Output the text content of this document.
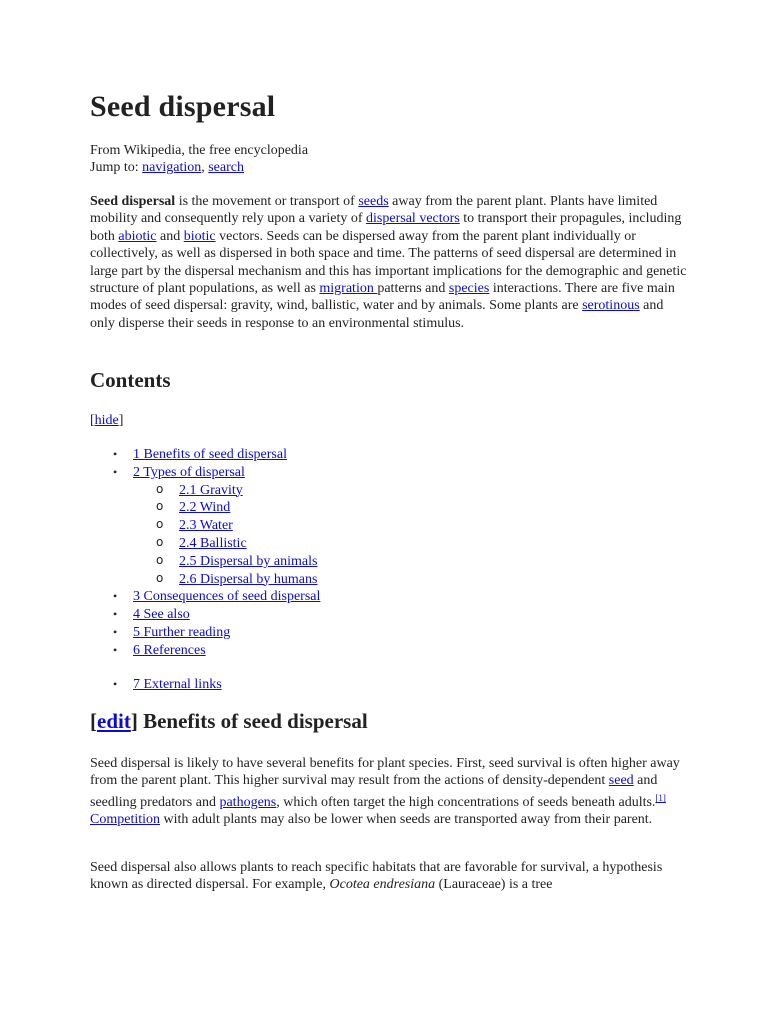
Seed dispersal
From Wikipedia, the free encyclopedia
Jump to: navigation, search

Seed dispersal is the movement or transport of seeds away from the parent plant. Plants have limited mobility and consequently rely upon a variety of dispersal vectors to transport their propagules, including both abiotic and biotic vectors. Seeds can be dispersed away from the parent plant individually or collectively, as well as dispersed in both space and time. The patterns of seed dispersal are determined in large part by the dispersal mechanism and this has important implications for the demographic and genetic structure of plant populations, as well as migration patterns and species interactions. There are five main modes of seed dispersal: gravity, wind, ballistic, water and by animals. Some plants are serotinous and only disperse their seeds in response to an environmental stimulus.

Contents
[hide]
• 1 Benefits of seed dispersal
• 2 Types of dispersal
o 2.1 Gravity
o 2.2 Wind
o 2.3 Water
o 2.4 Ballistic
o 2.5 Dispersal by animals
o 2.6 Dispersal by humans
• 3 Consequences of seed dispersal
• 4 See also
• 5 Further reading
• 6 References
• 7 External links
[edit] Benefits of seed dispersal

Seed dispersal is likely to have several benefits for plant species. First, seed survival is often higher away from the parent plant. This higher survival may result from the actions of density-dependent seed and seedling predators and pathogens, which often target the high concentrations of seeds beneath adults.[1] Competition with adult plants may also be lower when seeds are transported away from their parent.

Seed dispersal also allows plants to reach specific habitats that are favorable for survival, a hypothesis known as directed dispersal. For example, Ocotea endresiana (Lauraceae) is a tree
